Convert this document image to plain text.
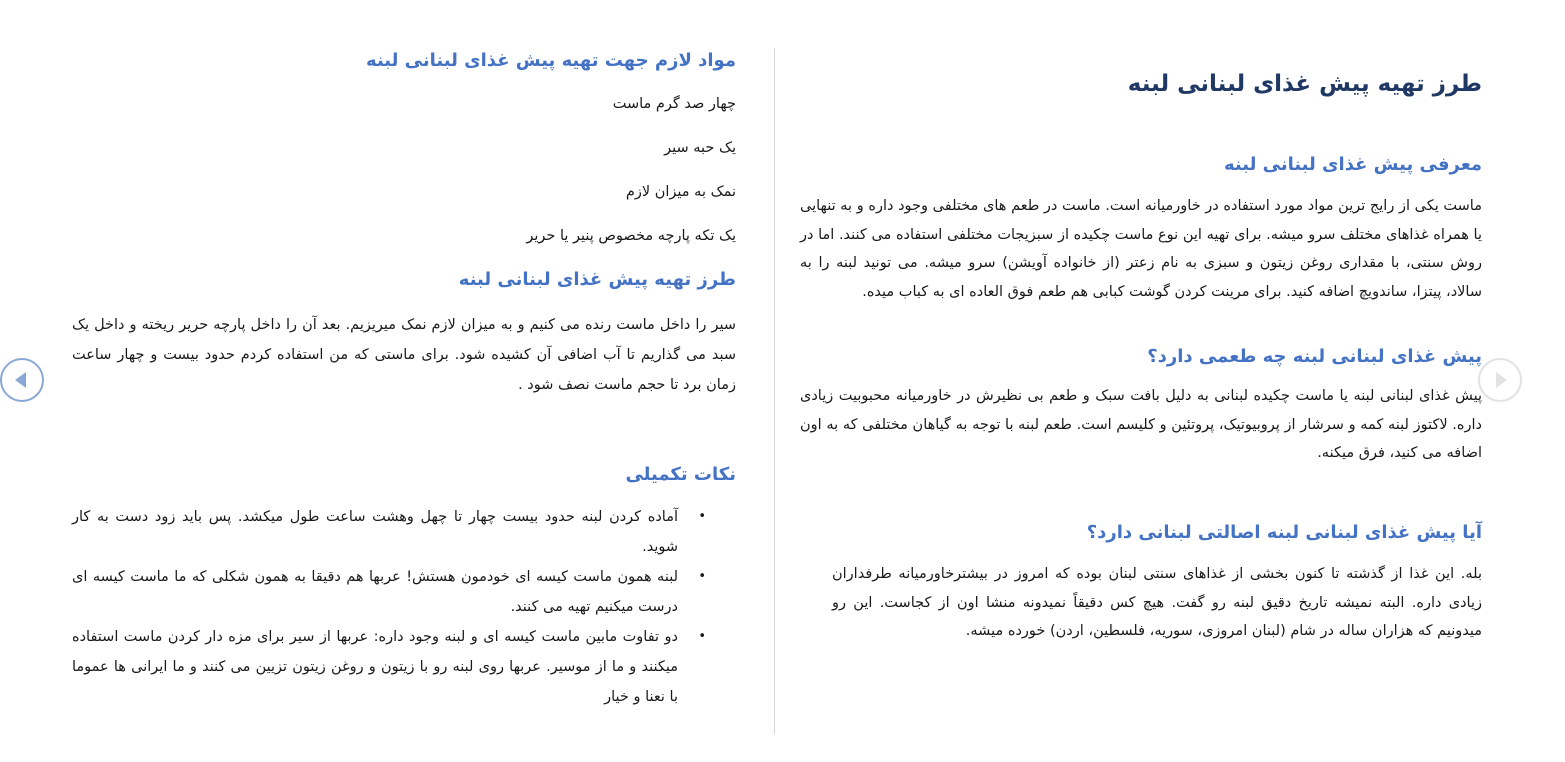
مواد لازم جهت تهیه پیش غذای لبنانی لبنه

چهار صد گرم ماست

یک حبه سیر

نمک به میزان لازم

یک تکه پارچه مخصوص پنیر یا حریر

طرز تهیه پیش غذای لبنانی لبنه

سیر را داخل ماست رنده می کنیم و به میزان لازم نمک میریزیم. بعد آن را داخل پارچه حریر ریخته و داخل یک سبد می گذاریم تا آب اضافی آن کشیده شود. برای ماستی که من استفاده کردم حدود بیست و چهار ساعت زمان برد تا حجم ماست نصف شود .

نکات تکمیلی
•
آماده کردن لبنه حدود بیست چهار تا چهل وهشت ساعت طول میکشد. پس باید زود دست به کار شوید.
•
لبنه همون ماست کیسه ای خودمون هستش! عربها هم دقیقا به همون شکلی که ما ماست کیسه ای درست میکنیم تهیه می کنند.
•
دو تفاوت مابین ماست کیسه ای و لبنه وجود داره: عربها از سیر برای مزه دار کردن ماست استفاده میکنند و ما از موسیر. عربها روی لبنه رو با زیتون و روغن زیتون تزیین می کنند و ما ایرانی ها عموما با نعنا و خیار
طرز تهیه پیش غذای لبنانی لبنه
معرفی پیش غذای لبنانی لبنه

ماست یکی از رایج ترین مواد مورد استفاده در خاورمیانه است. ماست در طعم های مختلفی وجود داره و به تنهایی یا همراه غذاهای مختلف سرو میشه. برای تهیه این نوع ماست چکیده از سبزیجات مختلفی استفاده می کنند. اما در روش سنتی، با مقداری روغن زیتون و سبزی به نام زعتر (از خانواده آویشن) سرو میشه. می تونید لبنه را به سالاد، پیتزا، ساندویچ اضافه کنید. برای مرینت کردن گوشت کبابی هم طعم فوق العاده ای به کباب میده.

پیش غذای لبنانی لبنه چه طعمی دارد؟

پیش غذای لبنانی لبنه یا ماست چکیده لبنانی به دلیل بافت سبک و طعم بی نظیرش در خاورمیانه محبوبیت زیادی داره. لاکتوز لبنه کمه و سرشار از پروبیوتیک، پروتئین و کلیسم است. طعم لبنه با توجه به گیاهان مختلفی که به اون اضافه می کنید، فرق میکنه.

آیا پیش غذای لبنانی لبنه اصالتی لبنانی دارد؟

بله. این غذا از گذشته تا کنون بخشی از غذاهای سنتی لبنان بوده که امروز در بیشترخاورمیانه طرفداران زیادی داره. البته نمیشه تاریخ دقیق لبنه رو گفت. هیچ کس دقیقاً نمیدونه منشا اون از کجاست. این رو میدونیم که هزاران ساله در شام (لبنان امروزی، سوریه، فلسطین، اردن) خورده میشه.
